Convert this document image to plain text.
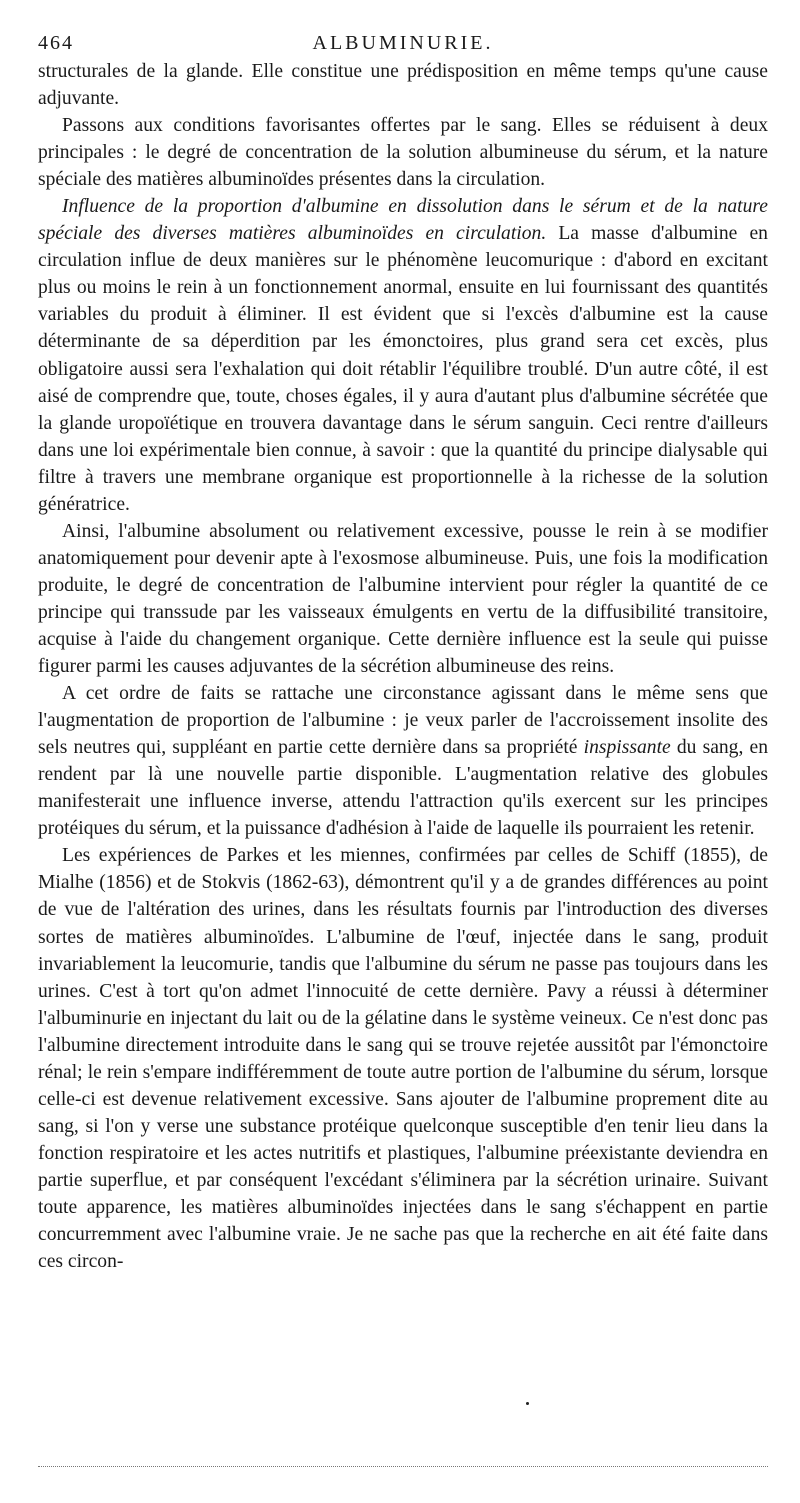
464	ALBUMINURIE.

structurales de la glande. Elle constitue une prédisposition en même temps qu'une cause adjuvante.

Passons aux conditions favorisantes offertes par le sang. Elles se réduisent à deux principales : le degré de concentration de la solution albumineuse du sérum, et la nature spéciale des matières albuminoïdes présentes dans la circulation.

Influence de la proportion d'albumine en dissolution dans le sérum et de la nature spéciale des diverses matières albuminoïdes en circulation. La masse d'albumine en circulation influe de deux manières sur le phénomène leucomurique : d'abord en excitant plus ou moins le rein à un fonctionnement anormal, ensuite en lui fournissant des quantités variables du produit à éliminer. Il est évident que si l'excès d'albumine est la cause déterminante de sa déperdition par les émonctoires, plus grand sera cet excès, plus obligatoire aussi sera l'exhalation qui doit rétablir l'équilibre troublé. D'un autre côté, il est aisé de comprendre que, toute, choses égales, il y aura d'autant plus d'albumine sécrétée que la glande uropoïétique en trouvera davantage dans le sérum sanguin. Ceci rentre d'ailleurs dans une loi expérimentale bien connue, à savoir : que la quantité du principe dialysable qui filtre à travers une membrane organique est proportionnelle à la richesse de la solution génératrice.

Ainsi, l'albumine absolument ou relativement excessive, pousse le rein à se modifier anatomiquement pour devenir apte à l'exosmose albumineuse. Puis, une fois la modification produite, le degré de concentration de l'albumine intervient pour régler la quantité de ce principe qui transsude par les vaisseaux émulgents en vertu de la diffusibilité transitoire, acquise à l'aide du changement organique. Cette dernière influence est la seule qui puisse figurer parmi les causes adjuvantes de la sécrétion albumineuse des reins.

A cet ordre de faits se rattache une circonstance agissant dans le même sens que l'augmentation de proportion de l'albumine : je veux parler de l'accroissement insolite des sels neutres qui, suppléant en partie cette dernière dans sa propriété inspissante du sang, en rendent par là une nouvelle partie disponible. L'augmentation relative des globules manifesterait une influence inverse, attendu l'attraction qu'ils exercent sur les principes protéiques du sérum, et la puissance d'adhésion à l'aide de laquelle ils pourraient les retenir.

Les expériences de Parkes et les miennes, confirmées par celles de Schiff (1855), de Mialhe (1856) et de Stokvis (1862-63), démontrent qu'il y a de grandes différences au point de vue de l'altération des urines, dans les résultats fournis par l'introduction des diverses sortes de matières albuminoïdes. L'albumine de l'œuf, injectée dans le sang, produit invariablement la leucomurie, tandis que l'albumine du sérum ne passe pas toujours dans les urines. C'est à tort qu'on admet l'innocuité de cette dernière. Pavy a réussi à déterminer l'albuminurie en injectant du lait ou de la gélatine dans le système veineux. Ce n'est donc pas l'albumine directement introduite dans le sang qui se trouve rejetée aussitôt par l'émonctoire rénal; le rein s'empare indifféremment de toute autre portion de l'albumine du sérum, lorsque celle-ci est devenue relativement excessive. Sans ajouter de l'albumine proprement dite au sang, si l'on y verse une substance protéique quelconque susceptible d'en tenir lieu dans la fonction respiratoire et les actes nutritifs et plastiques, l'albumine préexistante deviendra en partie superflue, et par conséquent l'excédant s'éliminera par la sécrétion urinaire. Suivant toute apparence, les matières albuminoïdes injectées dans le sang s'échappent en partie concurremment avec l'albumine vraie. Je ne sache pas que la recherche en ait été faite dans ces circon-
